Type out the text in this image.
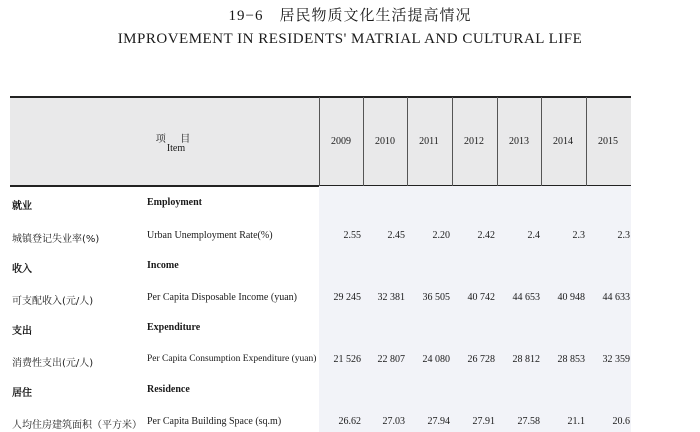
19−6　居民物质文化生活提高情况
IMPROVEMENT IN RESIDENTS' MATRIAL AND CULTURAL LIFE
项 目
Item
2009	2010	2011	2012	2013	2014	2015
就业	Employment
城镇登记失业率(%)	Urban Unemployment Rate(%)	2.55	2.45	2.20	2.42	2.4	2.3	2.3
收入	Income
可支配收入(元/人)	Per Capita Disposable Income (yuan)	29 245	32 381	36 505	40 742	44 653	40 948	44 633
支出	Expenditure
消费性支出(元/人)	Per Capita Consumption Expenditure (yuan)	21 526	22 807	24 080	26 728	28 812	28 853	32 359
居住	Residence
人均住房建筑面积（平方米） Per Capita Building Space (sq.m)	26.62	27.03	27.94	27.91	27.58	21.1	20.6
